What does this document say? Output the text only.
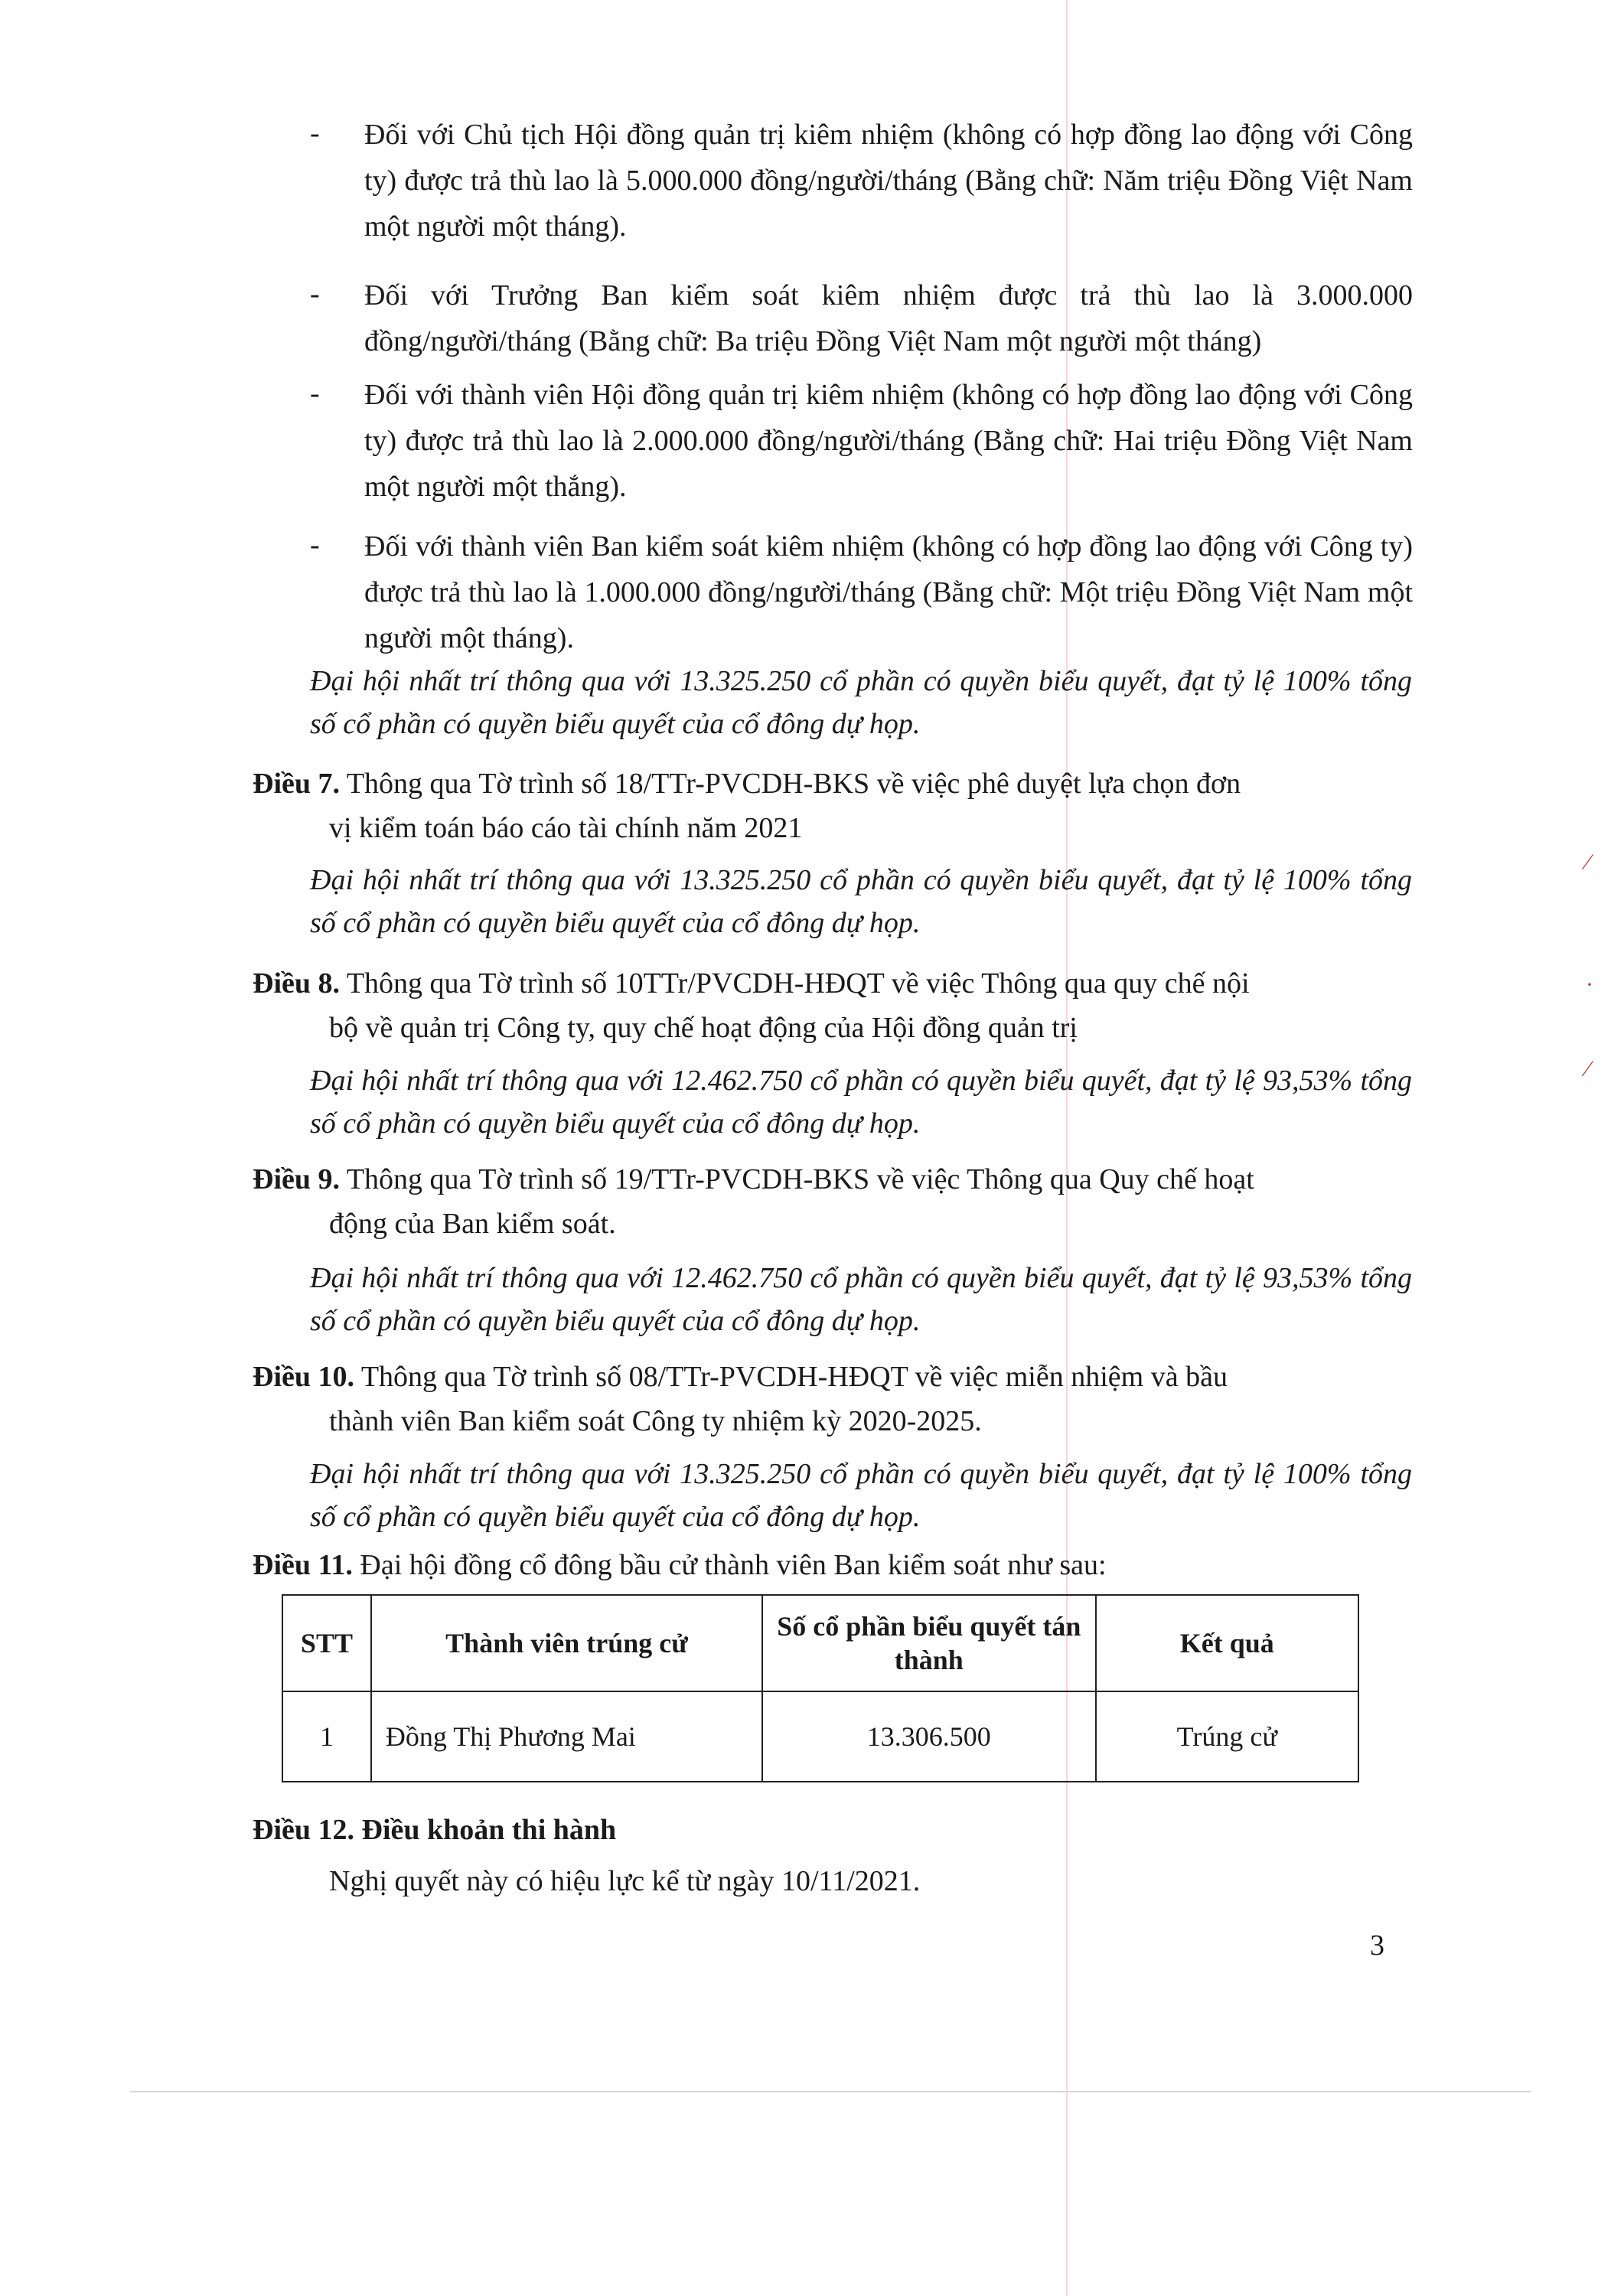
- Đối với Chủ tịch Hội đồng quản trị kiêm nhiệm (không có hợp đồng lao động với Công ty) được trả thù lao là 5.000.000 đồng/người/tháng (Bằng chữ: Năm triệu Đồng Việt Nam một người một tháng).
- Đối với Trưởng Ban kiểm soát kiêm nhiệm được trả thù lao là 3.000.000 đồng/người/tháng (Bằng chữ: Ba triệu Đồng Việt Nam một người một tháng)
- Đối với thành viên Hội đồng quản trị kiêm nhiệm (không có hợp đồng lao động với Công ty) được trả thù lao là 2.000.000 đồng/người/tháng (Bằng chữ: Hai triệu Đồng Việt Nam một người một thắng).
- Đối với thành viên Ban kiểm soát kiêm nhiệm (không có hợp đồng lao động với Công ty) được trả thù lao là 1.000.000 đồng/người/tháng (Bằng chữ: Một triệu Đồng Việt Nam một người một tháng).
Đại hội nhất trí thông qua với 13.325.250 cổ phần có quyền biểu quyết, đạt tỷ lệ 100% tổng số cổ phần có quyền biểu quyết của cổ đông dự họp.
Điều 7. Thông qua Tờ trình số 18/TTr-PVCDH-BKS về việc phê duyệt lựa chọn đơn
vị kiểm toán báo cáo tài chính năm 2021
Đại hội nhất trí thông qua với 13.325.250 cổ phần có quyền biểu quyết, đạt tỷ lệ 100% tổng số cổ phần có quyền biểu quyết của cổ đông dự họp.
Điều 8. Thông qua Tờ trình số 10TTr/PVCDH-HĐQT về việc Thông qua quy chế nội
bộ về quản trị Công ty, quy chế hoạt động của Hội đồng quản trị
Đại hội nhất trí thông qua với 12.462.750 cổ phần có quyền biểu quyết, đạt tỷ lệ 93,53% tổng số cổ phần có quyền biểu quyết của cổ đông dự họp.
Điều 9. Thông qua Tờ trình số 19/TTr-PVCDH-BKS về việc Thông qua Quy chế hoạt
động của Ban kiểm soát.
Đại hội nhất trí thông qua với 12.462.750 cổ phần có quyền biểu quyết, đạt tỷ lệ 93,53% tổng số cổ phần có quyền biểu quyết của cổ đông dự họp.
Điều 10. Thông qua Tờ trình số 08/TTr-PVCDH-HĐQT về việc miễn nhiệm và bầu
thành viên Ban kiểm soát Công ty nhiệm kỳ 2020-2025.
Đại hội nhất trí thông qua với 13.325.250 cổ phần có quyền biểu quyết, đạt tỷ lệ 100% tổng số cổ phần có quyền biểu quyết của cổ đông dự họp.
Điều 11. Đại hội đồng cổ đông bầu cử thành viên Ban kiểm soát như sau:
STT	Thành viên trúng cử	Số cổ phần biểu quyết tán thành	Kết quả
1	Đồng Thị Phương Mai	13.306.500	Trúng cử
Điều 12. Điều khoản thi hành
Nghị quyết này có hiệu lực kể từ ngày 10/11/2021.
3
⁄
·
⁄
